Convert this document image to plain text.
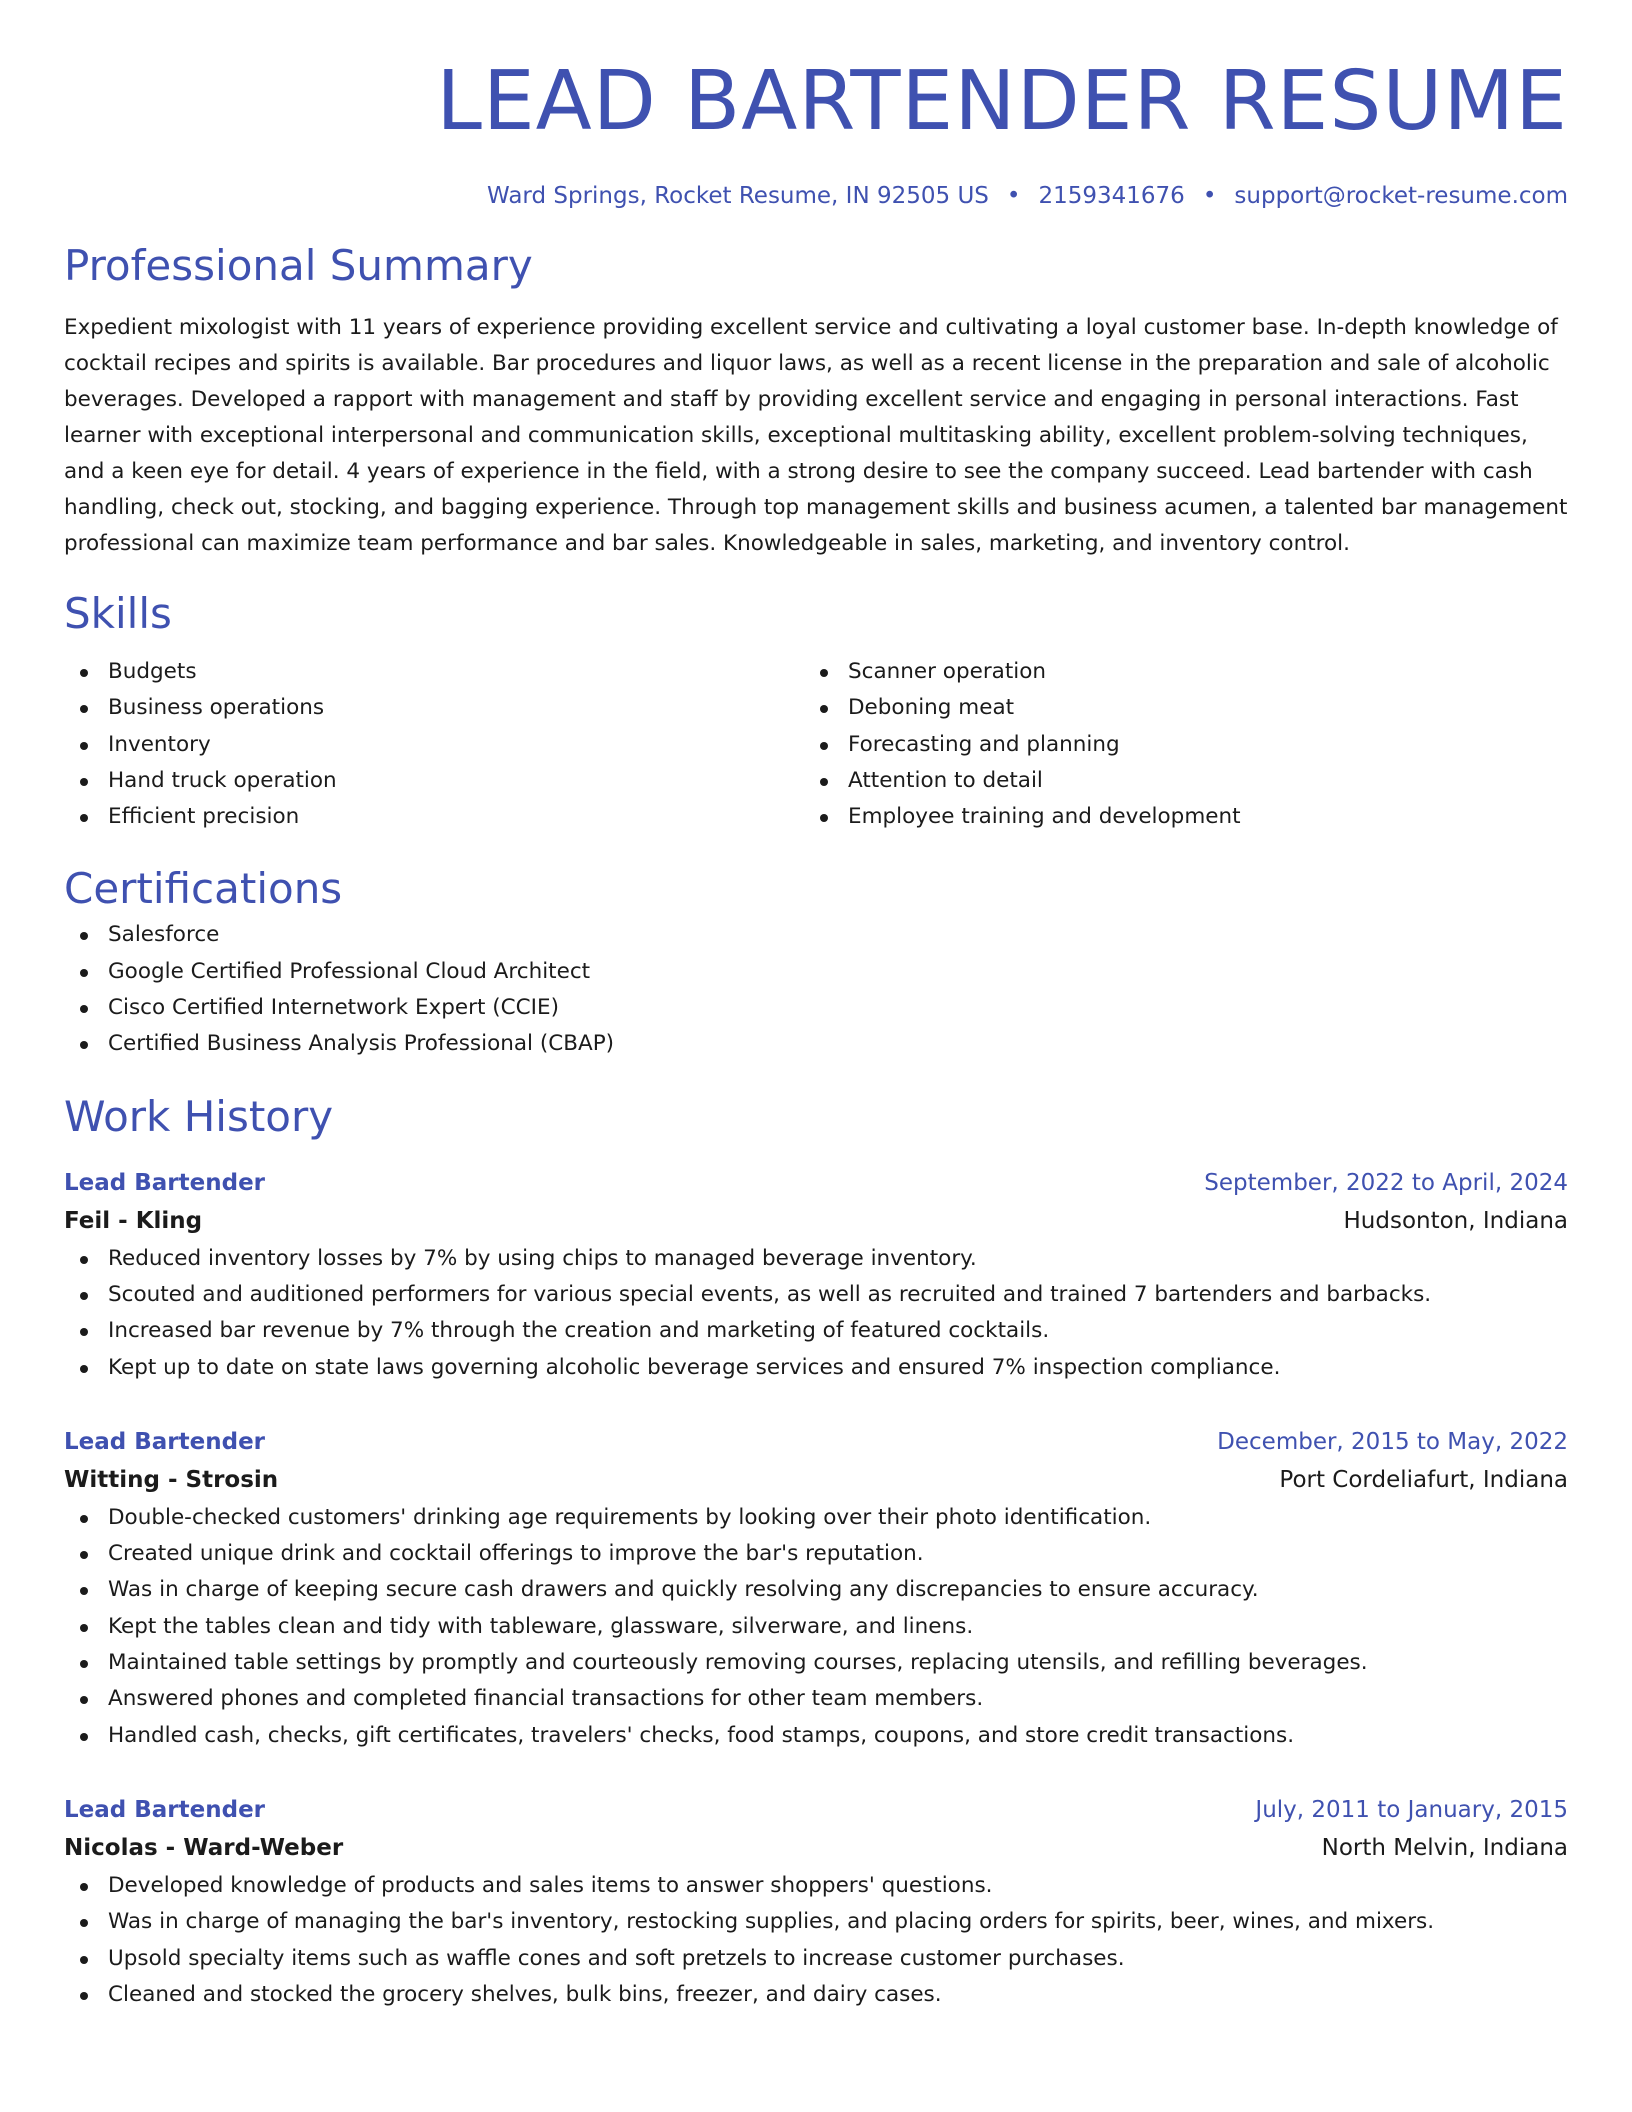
LEAD BARTENDER RESUME
Ward Springs, Rocket Resume, IN 92505 US • 2159341676 • support@rocket-resume.com
Professional Summary

Expedient mixologist with 11 years of experience providing excellent service and cultivating a loyal customer base. In-depth knowledge of cocktail recipes and spirits is available. Bar procedures and liquor laws, as well as a recent license in the preparation and sale of alcoholic beverages. Developed a rapport with management and staff by providing excellent service and engaging in personal interactions. Fast learner with exceptional interpersonal and communication skills, exceptional multitasking ability, excellent problem-solving techniques, and a keen eye for detail. 4 years of experience in the field, with a strong desire to see the company succeed. Lead bartender with cash handling, check out, stocking, and bagging experience. Through top management skills and business acumen, a talented bar management professional can maximize team performance and bar sales. Knowledgeable in sales, marketing, and inventory control.

Skills
Budgets
Business operations
Inventory
Hand truck operation
Efficient precision
Scanner operation
Deboning meat
Forecasting and planning
Attention to detail
Employee training and development
Certifications
Salesforce
Google Certified Professional Cloud Architect
Cisco Certified Internetwork Expert (CCIE)
Certified Business Analysis Professional (CBAP)
Work History
Lead Bartender	September, 2022 to April, 2024
Feil - Kling	Hudsonton, Indiana
Reduced inventory losses by 7% by using chips to managed beverage inventory.
Scouted and auditioned performers for various special events, as well as recruited and trained 7 bartenders and barbacks.
Increased bar revenue by 7% through the creation and marketing of featured cocktails.
Kept up to date on state laws governing alcoholic beverage services and ensured 7% inspection compliance.
Lead Bartender	December, 2015 to May, 2022
Witting - Strosin	Port Cordeliafurt, Indiana
Double-checked customers' drinking age requirements by looking over their photo identification.
Created unique drink and cocktail offerings to improve the bar's reputation.
Was in charge of keeping secure cash drawers and quickly resolving any discrepancies to ensure accuracy.
Kept the tables clean and tidy with tableware, glassware, silverware, and linens.
Maintained table settings by promptly and courteously removing courses, replacing utensils, and refilling beverages.
Answered phones and completed financial transactions for other team members.
Handled cash, checks, gift certificates, travelers' checks, food stamps, coupons, and store credit transactions.
Lead Bartender	July, 2011 to January, 2015
Nicolas - Ward-Weber	North Melvin, Indiana
Developed knowledge of products and sales items to answer shoppers' questions.
Was in charge of managing the bar's inventory, restocking supplies, and placing orders for spirits, beer, wines, and mixers.
Upsold specialty items such as waffle cones and soft pretzels to increase customer purchases.
Cleaned and stocked the grocery shelves, bulk bins, freezer, and dairy cases.
